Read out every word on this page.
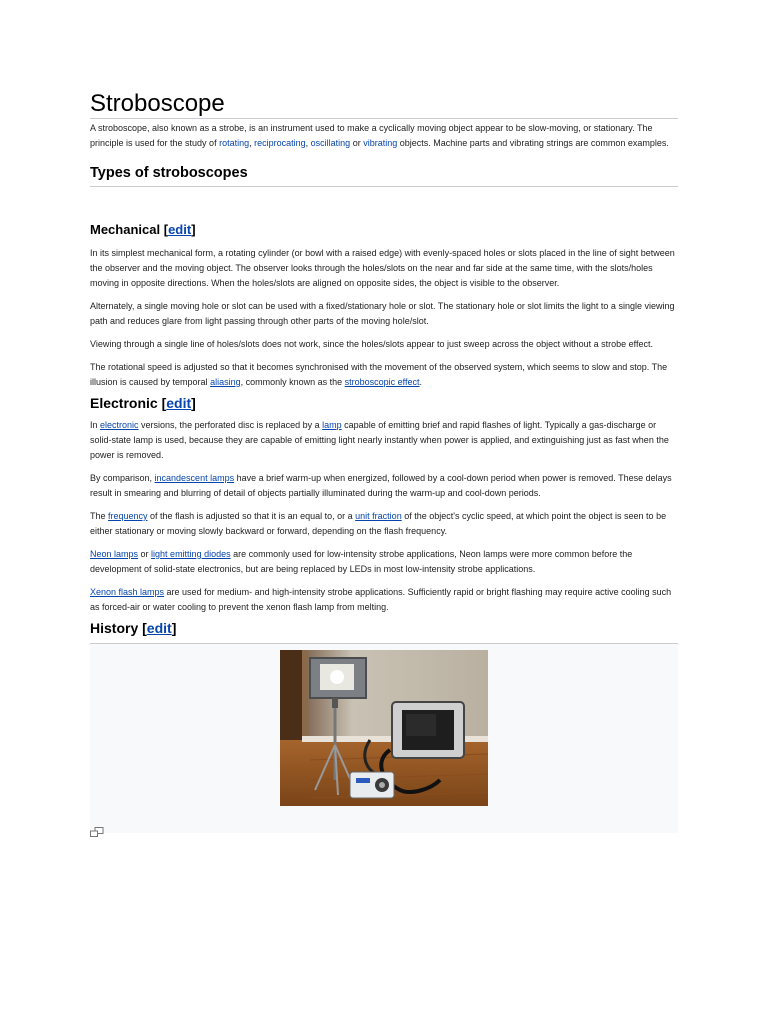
Stroboscope

A stroboscope, also known as a strobe, is an instrument used to make a cyclically moving object appear to be slow-moving, or stationary. The principle is used for the study of rotating, reciprocating, oscillating or vibrating objects. Machine parts and vibrating strings are common examples.

Types of stroboscopes
Mechanical [edit]

In its simplest mechanical form, a rotating cylinder (or bowl with a raised edge) with evenly-spaced holes or slots placed in the line of sight between the observer and the moving object. The observer looks through the holes/slots on the near and far side at the same time, with the slots/holes moving in opposite directions. When the holes/slots are aligned on opposite sides, the object is visible to the observer.

Alternately, a single moving hole or slot can be used with a fixed/stationary hole or slot. The stationary hole or slot limits the light to a single viewing path and reduces glare from light passing through other parts of the moving hole/slot.

Viewing through a single line of holes/slots does not work, since the holes/slots appear to just sweep across the object without a strobe effect.

The rotational speed is adjusted so that it becomes synchronised with the movement of the observed system, which seems to slow and stop. The illusion is caused by temporal aliasing, commonly known as the stroboscopic effect.

Electronic [edit]

In electronic versions, the perforated disc is replaced by a lamp capable of emitting brief and rapid flashes of light. Typically a gas-discharge or solid-state lamp is used, because they are capable of emitting light nearly instantly when power is applied, and extinguishing just as fast when the power is removed.

By comparison, incandescent lamps have a brief warm-up when energized, followed by a cool-down period when power is removed. These delays result in smearing and blurring of detail of objects partially illuminated during the warm-up and cool-down periods.

The frequency of the flash is adjusted so that it is an equal to, or a unit fraction of the object's cyclic speed, at which point the object is seen to be either stationary or moving slowly backward or forward, depending on the flash frequency.

Neon lamps or light emitting diodes are commonly used for low-intensity strobe applications, Neon lamps were more common before the development of solid-state electronics, but are being replaced by LEDs in most low-intensity strobe applications.

Xenon flash lamps are used for medium- and high-intensity strobe applications. Sufficiently rapid or bright flashing may require active cooling such as forced-air or water cooling to prevent the xenon flash lamp from melting.

History [edit]
